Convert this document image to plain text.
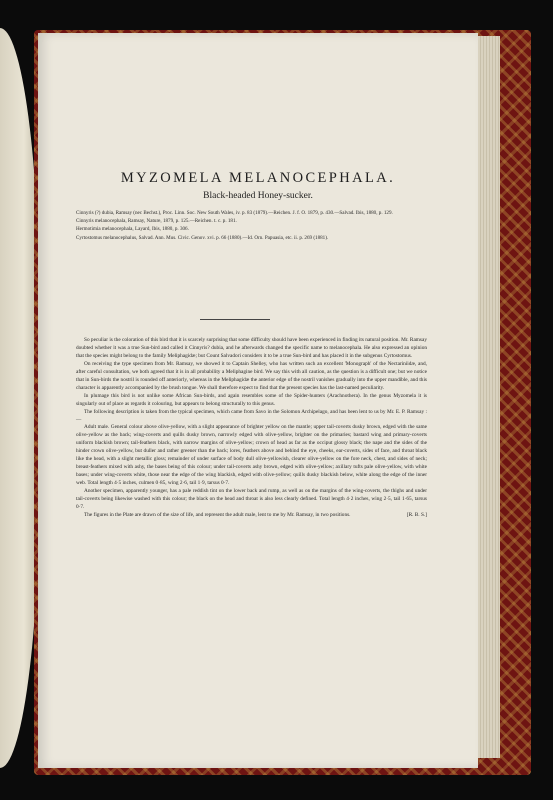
MYZOMELA MELANOCEPHALA.
Black-headed Honey-sucker.

Cinnyris (?) dubia, Ramsay (nec Bechst.), Proc. Linn. Soc. New South Wales, iv. p. 83 (1879).—Reichen. J. f. O. 1879, p. 430.—Salvad. Ibis, 1880, p. 129.

Cinnyris melanocephala, Ramsay, Nature, 1879, p. 125.—Reichen. t. c. p. 181.

Hermotimia melanocephala, Layard, Ibis, 1880, p. 306.

Cyrtostomus melanocephalus, Salvad. Ann. Mus. Civic. Genov. xvi. p. 66 (1880).—Id. Orn. Papuasia, etc. ii. p. 269 (1881).

So peculiar is the coloration of this bird that it is scarcely surprising that some difficulty should have been experienced in finding its natural position. Mr. Ramsay doubted whether it was a true Sun-bird and called it Cinnyris? dubia, and he afterwards changed the specific name to melanocephala. He also expressed an opinion that the species might belong to the family Meliphagidæ; but Count Salvadori considers it to be a true Sun-bird and has placed it in the subgenus Cyrtostomus.

On receiving the type specimen from Mr. Ramsay, we showed it to Captain Shelley, who has written such an excellent 'Monograph' of the Nectariniidæ, and, after careful consultation, we both agreed that it is in all probability a Meliphagine bird. We say this with all caution, as the question is a difficult one; but we notice that in Sun-birds the nostril is rounded off anteriorly, whereas in the Meliphagidæ the anterior edge of the nostril vanishes gradually into the upper mandible, and this character is apparently accompanied by the brush tongue. We shall therefore expect to find that the present species has the last-named peculiarity.

In plumage this bird is not unlike some African Sun-birds, and again resembles some of the Spider-hunters (Arachnothera). In the genus Myzomela it is singularly out of place as regards it colouring, but appears to belong structurally to this genus.

The following description is taken from the typical specimen, which came from Savo in the Solomon Archipelago, and has been lent to us by Mr. E. P. Ramsay :—

Adult male. General colour above olive-yellow, with a slight appearance of brighter yellow on the mantle; upper tail-coverts dusky brown, edged with the same olive-yellow as the back; wing-coverts and quills dusky brown, narrowly edged with olive-yellow, brighter on the primaries; bastard wing and primary-coverts uniform blackish brown; tail-feathers black, with narrow margins of olive-yellow; crown of head as far as the occiput glossy black; the nape and the sides of the hinder crown olive-yellow, but duller and rather greener than the back; lores, feathers above and behind the eye, cheeks, ear-coverts, sides of face, and throat black like the head, with a slight metallic gloss; remainder of under surface of body dull olive-yellowish, clearer olive-yellow on the fore neck, chest, and sides of neck; breast-feathers mixed with ashy, the bases being of this colour; under tail-coverts ashy brown, edged with olive-yellow; axillary tufts pale olive-yellow, with white bases; under wing-coverts white, those near the edge of the wing blackish, edged with olive-yellow; quills dusky blackish below, white along the edge of the inner web. Total length 4·5 inches, culmen 0·85, wing 2·6, tail 1·9, tarsus 0·7.

Another specimen, apparently younger, has a pale reddish tint on the lower back and rump, as well as on the margins of the wing-coverts, the thighs and under tail-coverts being likewise washed with this colour; the black on the head and throat is also less clearly defined. Total length 4·2 inches, wing 2·5, tail 1·65, tarsus 0·7.

[R. B. S.]
The figures in the Plate are drawn of the size of life, and represent the adult male, lent to me by Mr. Ramsay, in two positions.
